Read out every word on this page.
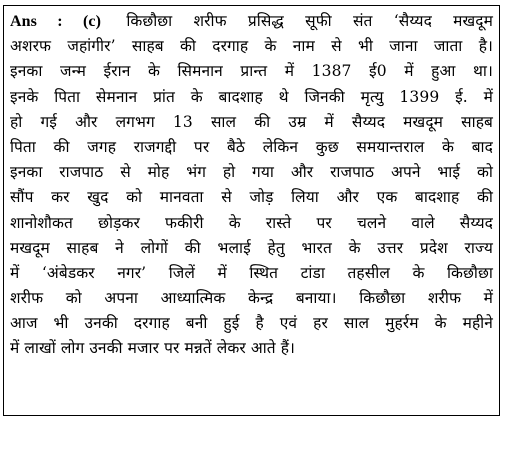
Ans : (c) किछौछा शरीफ प्रसिद्ध सूफी संत ‘सैय्यद मखदूम
अशरफ जहांगीर’ साहब की दरगाह के नाम से भी जाना जाता है।
इनका जन्म ईरान के सिमनान प्रान्त में 1387 ई0 में हुआ था।
इनके पिता सेमनान प्रांत के बादशाह थे जिनकी मृत्यु 1399 ई. में
हो गई और लगभग 13 साल की उम्र में सैय्यद मखदूम साहब
पिता की जगह राजगद्दी पर बैठे लेकिन कुछ समयान्तराल के बाद
इनका राजपाठ से मोह भंग हो गया और राजपाठ अपने भाई को
सौंप कर खुद को मानवता से जोड़ लिया और एक बादशाह की
शानोशौकत छोड़कर फकीरी के रास्ते पर चलने वाले सैय्यद
मखदूम साहब ने लोगों की भलाई हेतु भारत के उत्तर प्रदेश राज्य
में ‘अंबेडकर नगर’ जिलें में स्थित टांडा तहसील के किछौछा
शरीफ को अपना आध्यात्मिक केन्द्र बनाया। किछौछा शरीफ में
आज भी उनकी दरगाह बनी हुई है एवं हर साल मुहर्रम के महीने
में लाखों लोग उनकी मजार पर मन्नतें लेकर आते हैं।
